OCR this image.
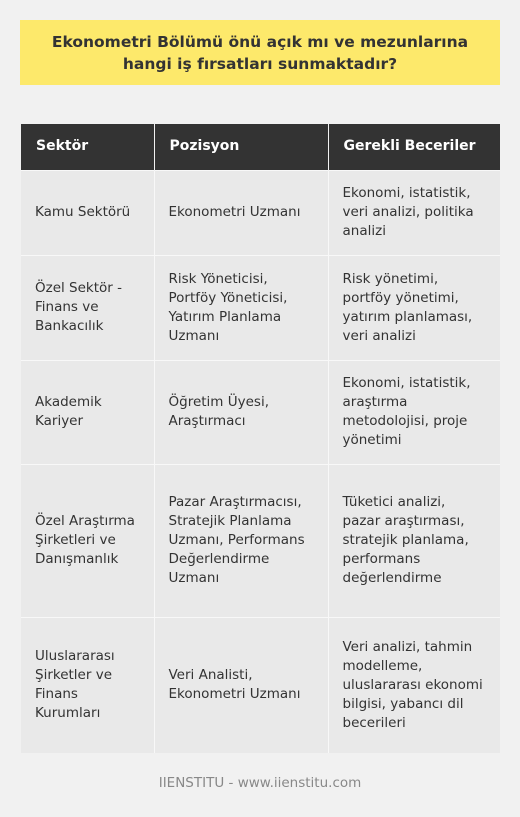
Ekonometri Bölümü önü açık mı ve mezunlarına hangi iş fırsatları sunmaktadır?
Sektör	Pozisyon	Gerekli Beceriler
Kamu Sektörü	Ekonometri Uzmanı	Ekonomi, istatistik, veri analizi, politika analizi
Özel Sektör - Finans ve Bankacılık	Risk Yöneticisi, Portföy Yöneticisi, Yatırım Planlama Uzmanı	Risk yönetimi, portföy yönetimi, yatırım planlaması, veri analizi
Akademik Kariyer	Öğretim Üyesi, Araştırmacı	Ekonomi, istatistik, araştırma metodolojisi, proje yönetimi
Özel Araştırma Şirketleri ve Danışmanlık	Pazar Araştırmacısı, Stratejik Planlama Uzmanı, Performans Değerlendirme Uzmanı	Tüketici analizi, pazar araştırması, stratejik planlama, performans değerlendirme
Uluslararası Şirketler ve Finans Kurumları	Veri Analisti, Ekonometri Uzmanı	Veri analizi, tahmin modelleme, uluslararası ekonomi bilgisi, yabancı dil becerileri
IIENSTITU - www.iienstitu.com
